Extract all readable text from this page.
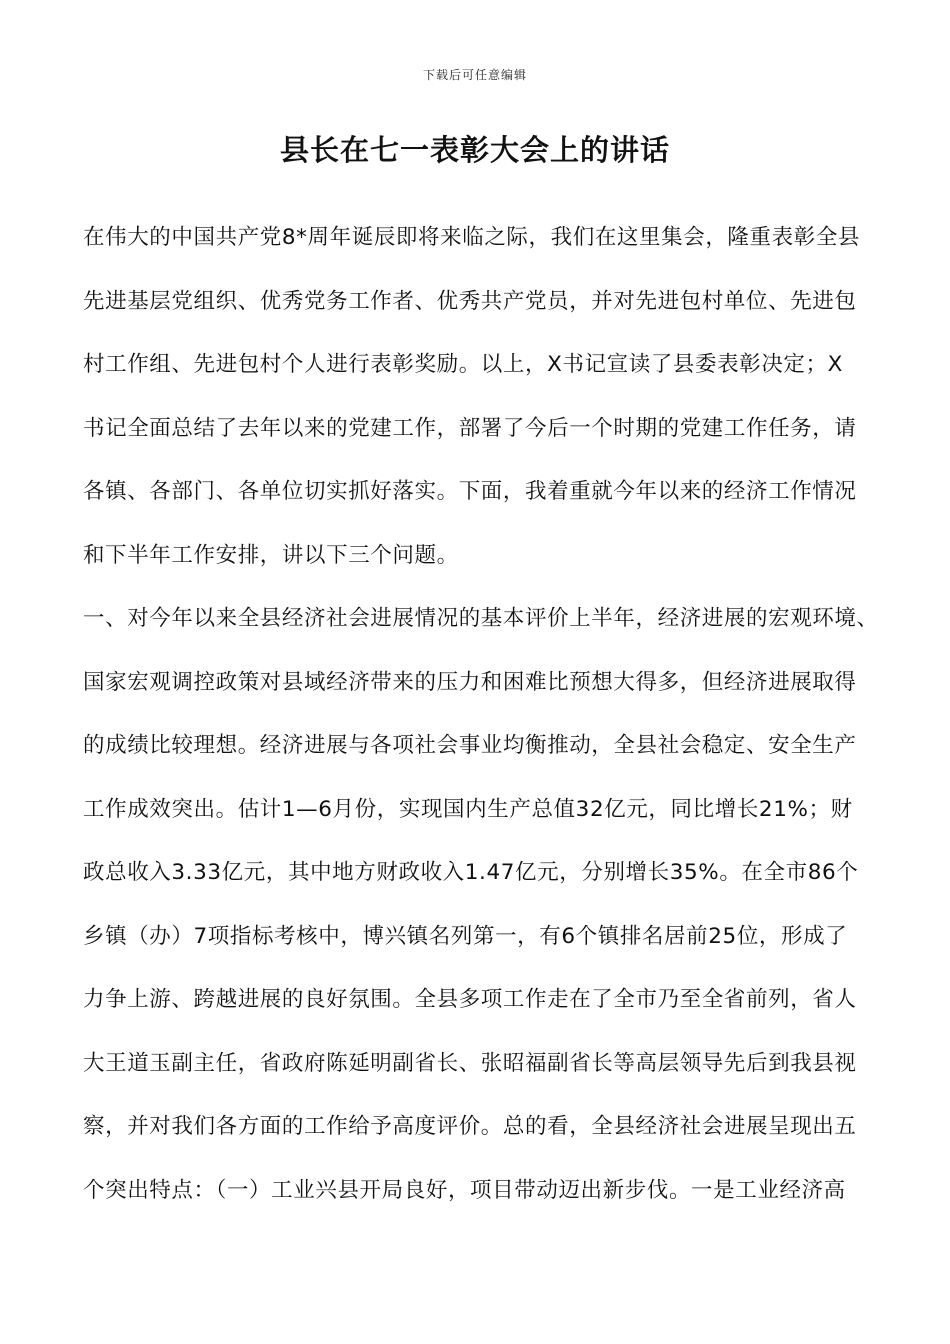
下载后可任意编辑
县长在七一表彰大会上的讲话
在伟大的中国共产党8*周年诞辰即将来临之际，我们在这里集会，隆重表彰全县
先进基层党组织、优秀党务工作者、优秀共产党员，并对先进包村单位、先进包
村工作组、先进包村个人进行表彰奖励。以上，X书记宣读了县委表彰决定；X
书记全面总结了去年以来的党建工作，部署了今后一个时期的党建工作任务，请
各镇、各部门、各单位切实抓好落实。下面，我着重就今年以来的经济工作情况
和下半年工作安排，讲以下三个问题。
一、对今年以来全县经济社会进展情况的基本评价上半年，经济进展的宏观环境、
国家宏观调控政策对县域经济带来的压力和困难比预想大得多，但经济进展取得
的成绩比较理想。经济进展与各项社会事业均衡推动，全县社会稳定、安全生产
工作成效突出。估计1—6月份，实现国内生产总值32亿元，同比增长21%；财
政总收入3.33亿元，其中地方财政收入1.47亿元，分别增长35%。在全市86个
乡镇（办）7项指标考核中，博兴镇名列第一，有6个镇排名居前25位，形成了
力争上游、跨越进展的良好氛围。全县多项工作走在了全市乃至全省前列，省人
大王道玉副主任，省政府陈延明副省长、张昭福副省长等高层领导先后到我县视
察，并对我们各方面的工作给予高度评价。总的看，全县经济社会进展呈现出五
个突出特点：（一）工业兴县开局良好，项目带动迈出新步伐。一是工业经济高
